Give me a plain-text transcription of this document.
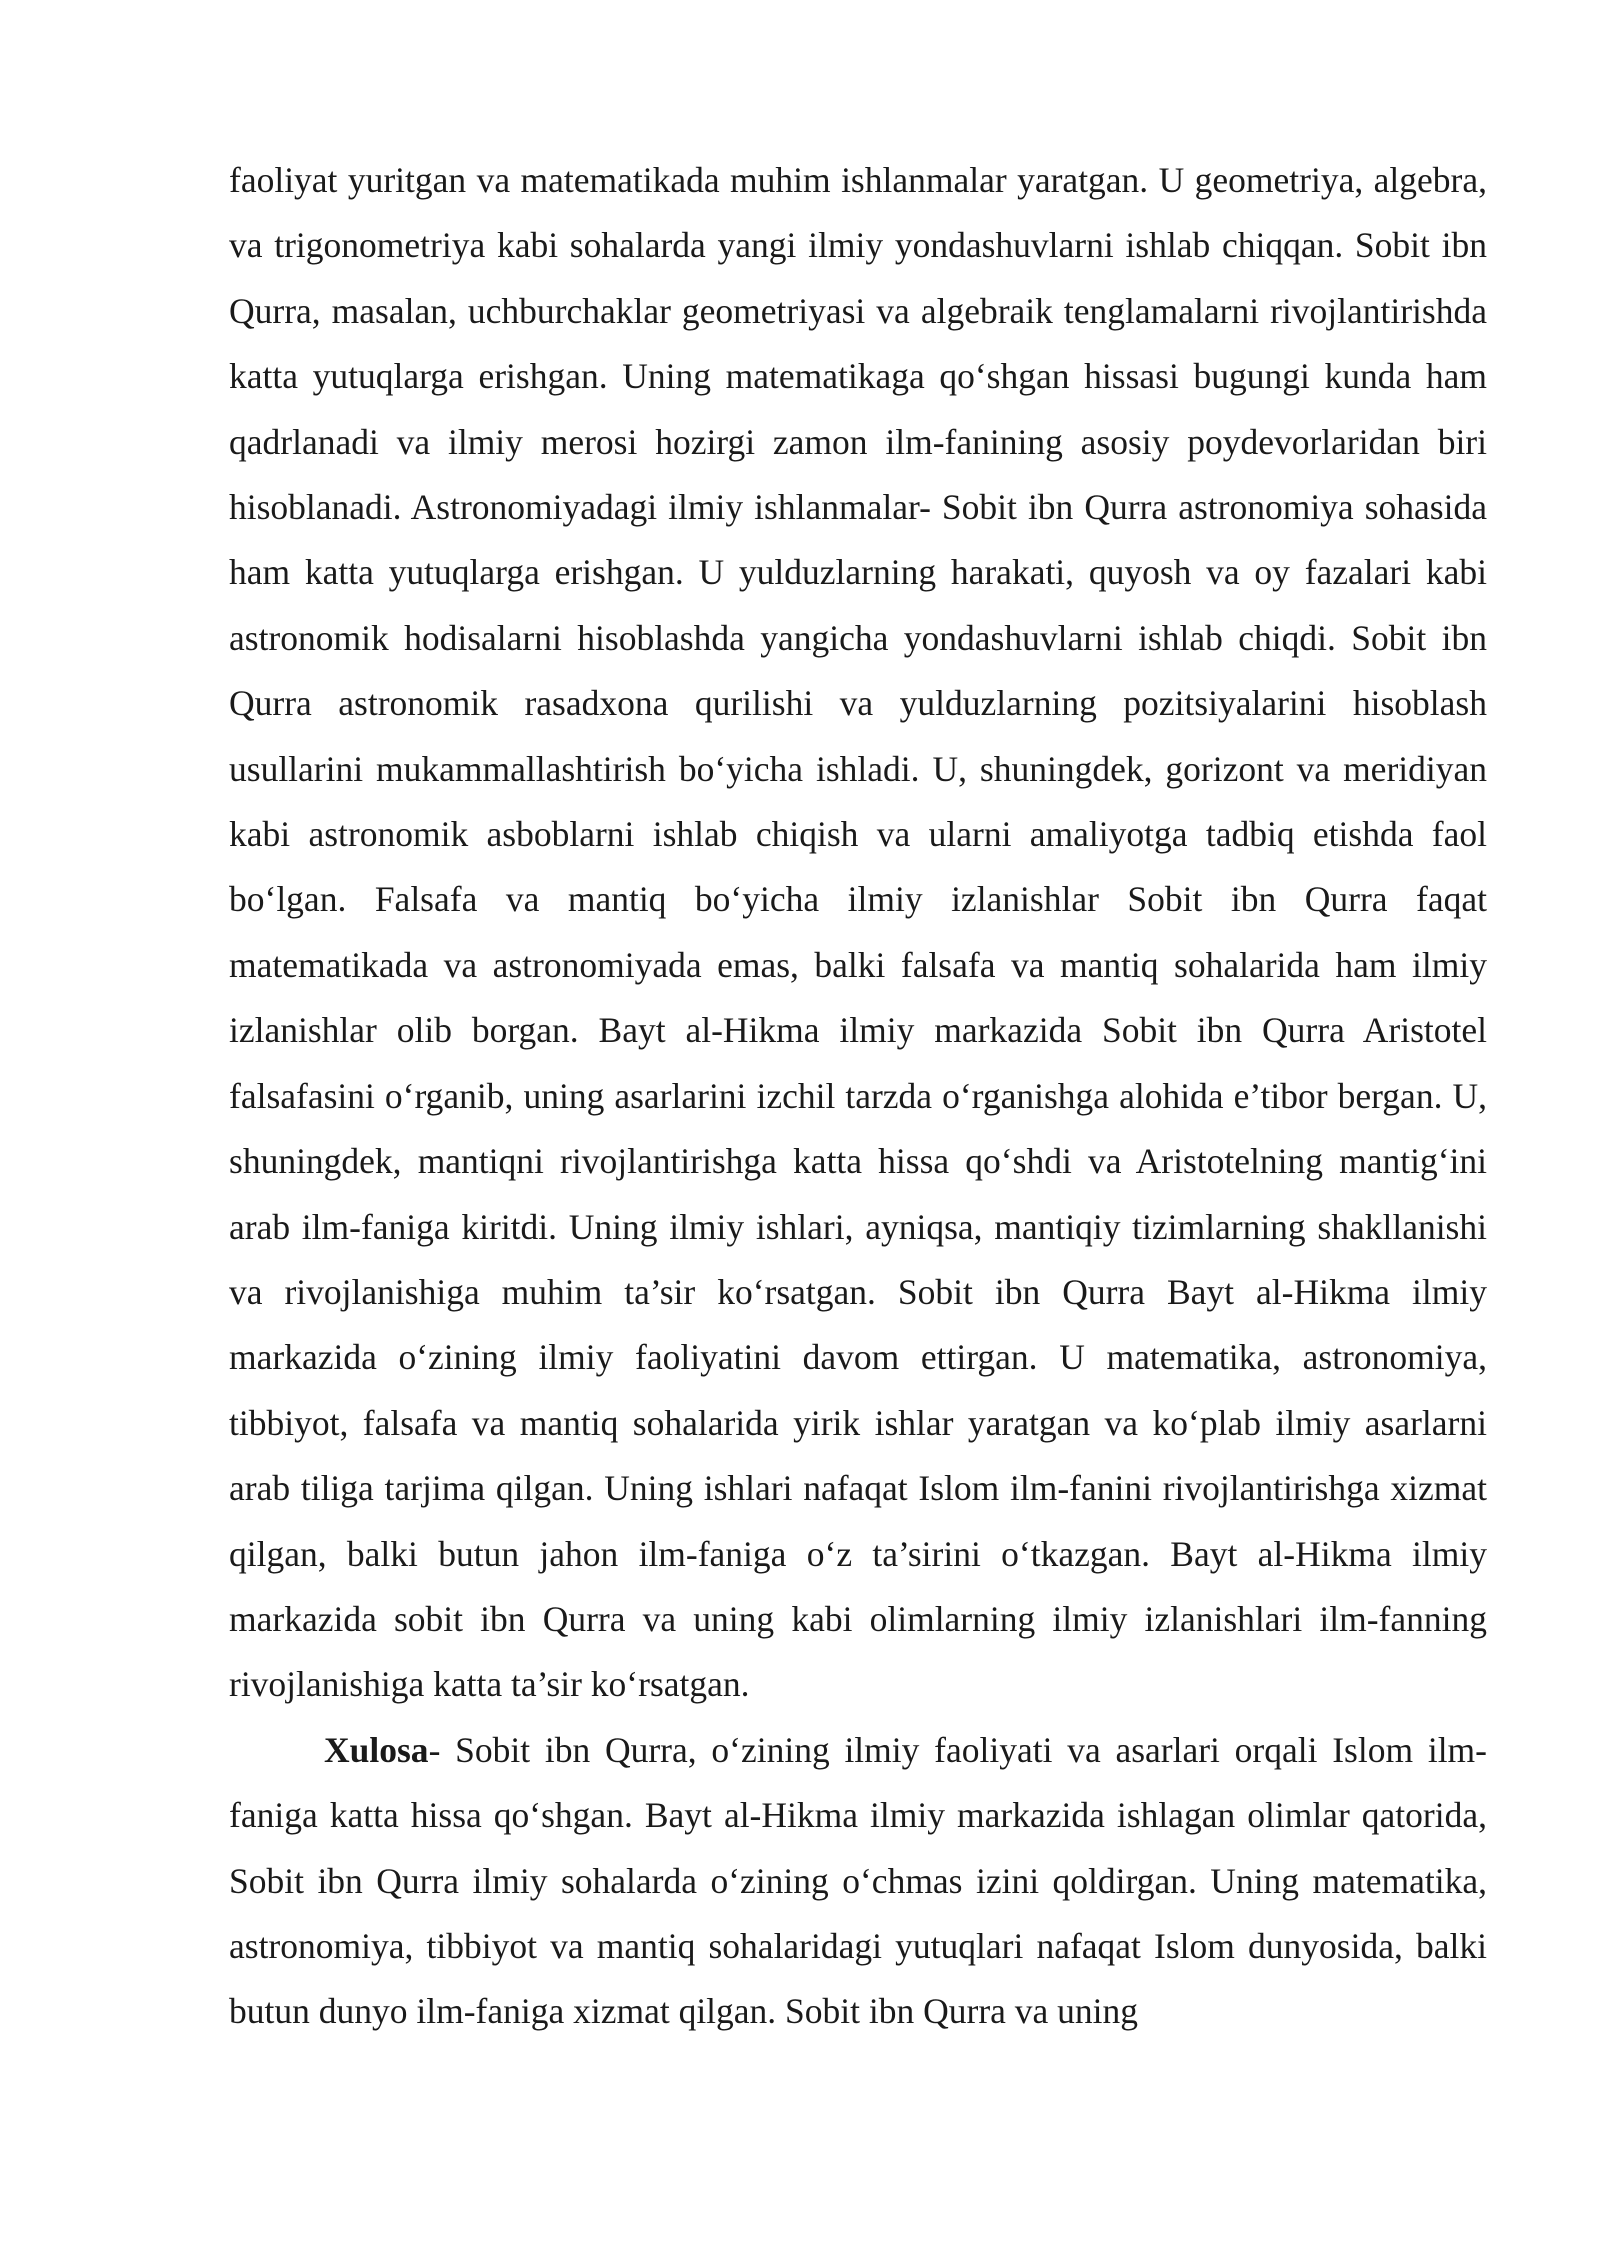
faoliyat yuritgan va matematikada muhim ishlanmalar yaratgan. U geometriya, algebra, va trigonometriya kabi sohalarda yangi ilmiy yondashuvlarni ishlab chiqqan. Sobit ibn Qurra, masalan, uchburchaklar geometriyasi va algebraik tenglamalarni rivojlantirishda katta yutuqlarga erishgan. Uning matematikaga qo‘shgan hissasi bugungi kunda ham qadrlanadi va ilmiy merosi hozirgi zamon ilm-fanining asosiy poydevorlaridan biri hisoblanadi. Astronomiyadagi ilmiy ishlanmalar- Sobit ibn Qurra astronomiya sohasida ham katta yutuqlarga erishgan. U yulduzlarning harakati, quyosh va oy fazalari kabi astronomik hodisalarni hisoblashda yangicha yondashuvlarni ishlab chiqdi. Sobit ibn Qurra astronomik rasadxona qurilishi va yulduzlarning pozitsiyalarini hisoblash usullarini mukammallashtirish bo‘yicha ishladi. U, shuningdek, gorizont va meridiyan kabi astronomik asboblarni ishlab chiqish va ularni amaliyotga tadbiq etishda faol bo‘lgan. Falsafa va mantiq bo‘yicha ilmiy izlanishlar Sobit ibn Qurra faqat matematikada va astronomiyada emas, balki falsafa va mantiq sohalarida ham ilmiy izlanishlar olib borgan. Bayt al-Hikma ilmiy markazida Sobit ibn Qurra Aristotel falsafasini o‘rganib, uning asarlarini izchil tarzda o‘rganishga alohida e’tibor bergan. U, shuningdek, mantiqni rivojlantirishga katta hissa qo‘shdi va Aristotelning mantig‘ini arab ilm-faniga kiritdi. Uning ilmiy ishlari, ayniqsa, mantiqiy tizimlarning shakllanishi va rivojlanishiga muhim ta’sir ko‘rsatgan. Sobit ibn Qurra Bayt al-Hikma ilmiy markazida o‘zining ilmiy faoliyatini davom ettirgan. U matematika, astronomiya, tibbiyot, falsafa va mantiq sohalarida yirik ishlar yaratgan va ko‘plab ilmiy asarlarni arab tiliga tarjima qilgan. Uning ishlari nafaqat Islom ilm-fanini rivojlantirishga xizmat qilgan, balki butun jahon ilm-faniga o‘z ta’sirini o‘tkazgan. Bayt al-Hikma ilmiy markazida sobit ibn Qurra va uning kabi olimlarning ilmiy izlanishlari ilm-fanning rivojlanishiga katta ta’sir ko‘rsatgan.

Xulosa- Sobit ibn Qurra, o‘zining ilmiy faoliyati va asarlari orqali Islom ilm-faniga katta hissa qo‘shgan. Bayt al-Hikma ilmiy markazida ishlagan olimlar qatorida, Sobit ibn Qurra ilmiy sohalarda o‘zining o‘chmas izini qoldirgan. Uning matematika, astronomiya, tibbiyot va mantiq sohalaridagi yutuqlari nafaqat Islom dunyosida, balki butun dunyo ilm-faniga xizmat qilgan. Sobit ibn Qurra va uning
